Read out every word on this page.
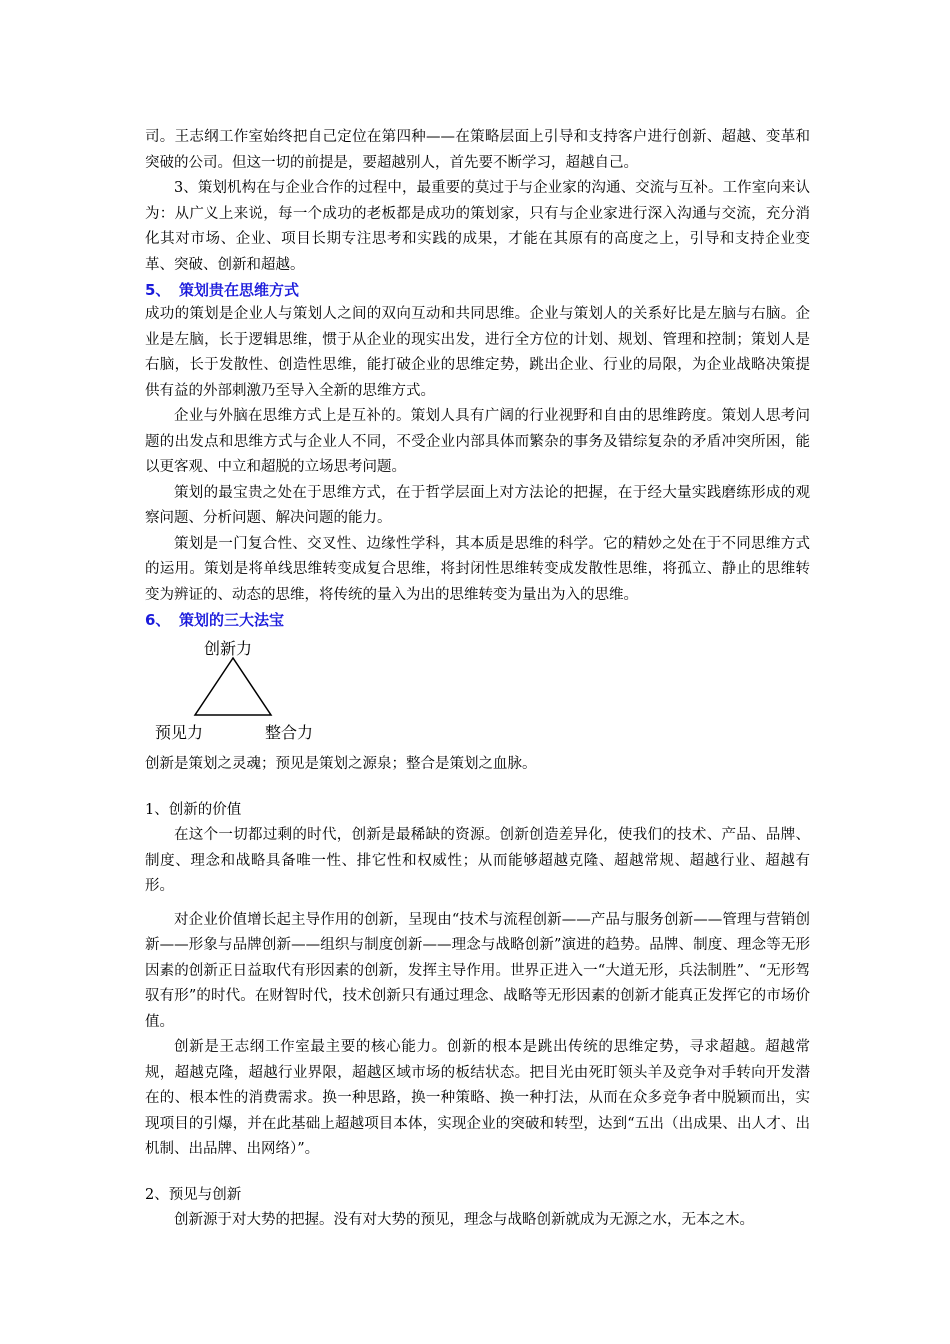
司。王志纲工作室始终把自己定位在第四种——在策略层面上引导和支持客户进行创新、超越、变革和突破的公司。但这一切的前提是，要超越别人，首先要不断学习，超越自己。

3、策划机构在与企业合作的过程中，最重要的莫过于与企业家的沟通、交流与互补。工作室向来认为：从广义上来说，每一个成功的老板都是成功的策划家，只有与企业家进行深入沟通与交流，充分消化其对市场、企业、项目长期专注思考和实践的成果，才能在其原有的高度之上，引导和支持企业变革、突破、创新和超越。

5、 策划贵在思维方式

成功的策划是企业人与策划人之间的双向互动和共同思维。企业与策划人的关系好比是左脑与右脑。企业是左脑，长于逻辑思维，惯于从企业的现实出发，进行全方位的计划、规划、管理和控制；策划人是右脑，长于发散性、创造性思维，能打破企业的思维定势，跳出企业、行业的局限，为企业战略决策提供有益的外部刺激乃至导入全新的思维方式。

企业与外脑在思维方式上是互补的。策划人具有广阔的行业视野和自由的思维跨度。策划人思考问题的出发点和思维方式与企业人不同，不受企业内部具体而繁杂的事务及错综复杂的矛盾冲突所困，能以更客观、中立和超脱的立场思考问题。

策划的最宝贵之处在于思维方式，在于哲学层面上对方法论的把握，在于经大量实践磨练形成的观察问题、分析问题、解决问题的能力。

策划是一门复合性、交叉性、边缘性学科，其本质是思维的科学。它的精妙之处在于不同思维方式的运用。策划是将单线思维转变成复合思维，将封闭性思维转变成发散性思维，将孤立、静止的思维转变为辨证的、动态的思维，将传统的量入为出的思维转变为量出为入的思维。

6、 策划的三大法宝
创新力
预见力	整合力

创新是策划之灵魂；预见是策划之源泉；整合是策划之血脉。

1、创新的价值

在这个一切都过剩的时代，创新是最稀缺的资源。创新创造差异化，使我们的技术、产品、品牌、制度、理念和战略具备唯一性、排它性和权威性；从而能够超越克隆、超越常规、超越行业、超越有形。

对企业价值增长起主导作用的创新，呈现由“技术与流程创新——产品与服务创新——管理与营销创新——形象与品牌创新——组织与制度创新——理念与战略创新”演进的趋势。品牌、制度、理念等无形因素的创新正日益取代有形因素的创新，发挥主导作用。世界正进入一“大道无形，兵法制胜”、“无形驾驭有形”的时代。在财智时代，技术创新只有通过理念、战略等无形因素的创新才能真正发挥它的市场价值。

创新是王志纲工作室最主要的核心能力。创新的根本是跳出传统的思维定势，寻求超越。超越常规，超越克隆，超越行业界限，超越区域市场的板结状态。把目光由死盯领头羊及竞争对手转向开发潜在的、根本性的消费需求。换一种思路，换一种策略、换一种打法，从而在众多竞争者中脱颖而出，实现项目的引爆，并在此基础上超越项目本体，实现企业的突破和转型，达到“五出（出成果、出人才、出机制、出品牌、出网络）”。

2、预见与创新

创新源于对大势的把握。没有对大势的预见，理念与战略创新就成为无源之水，无本之木。
